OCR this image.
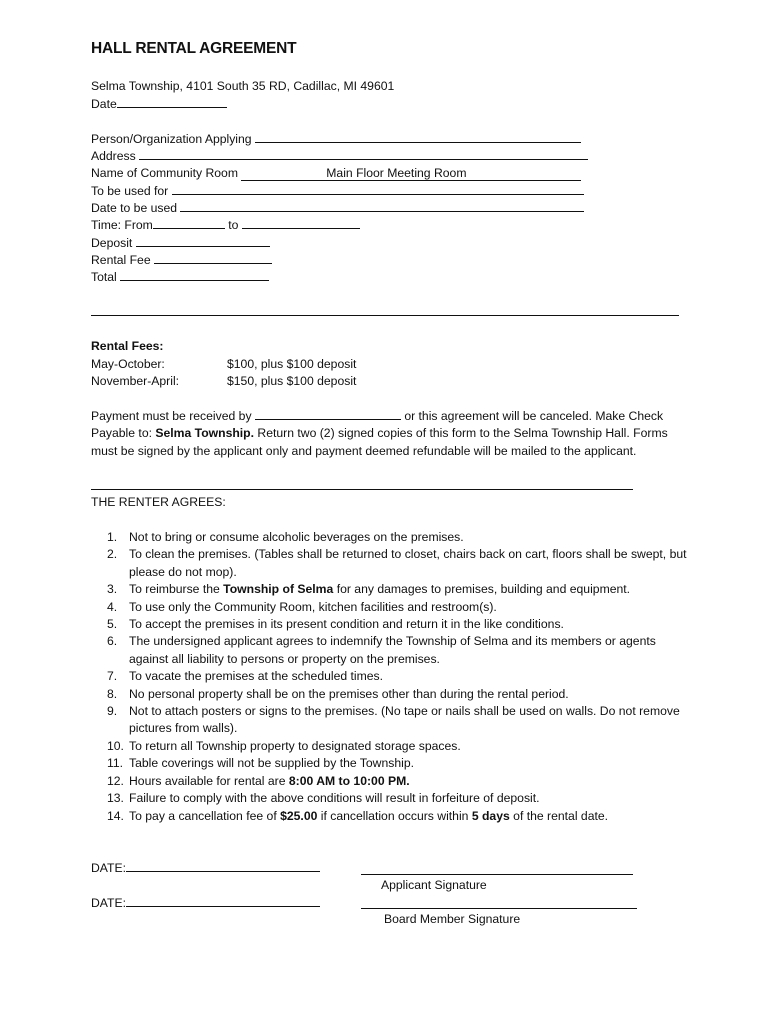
HALL RENTAL AGREEMENT
Selma Township, 4101 South 35 RD, Cadillac, MI 49601
Date
Person/Organization Applying
Address
Name of Community Room	Main Floor Meeting Room
To be used for
Date to be used
Time: From	to
Deposit
Rental Fee
Total
Rental Fees:
May-October:	$100, plus $100 deposit
November-April:	$150, plus $100 deposit
Payment must be received by	or this agreement will be canceled. Make Check Payable to: Selma Township. Return two (2) signed copies of this form to the Selma Township Hall. Forms must be signed by the applicant only and payment deemed refundable will be mailed to the applicant.
THE RENTER AGREES:
1. Not to bring or consume alcoholic beverages on the premises.
2. To clean the premises. (Tables shall be returned to closet, chairs back on cart, floors shall be swept, but please do not mop).
3. To reimburse the Township of Selma for any damages to premises, building and equipment.
4. To use only the Community Room, kitchen facilities and restroom(s).
5. To accept the premises in its present condition and return it in the like conditions.
6. The undersigned applicant agrees to indemnify the Township of Selma and its members or agents against all liability to persons or property on the premises.
7. To vacate the premises at the scheduled times.
8. No personal property shall be on the premises other than during the rental period.
9. Not to attach posters or signs to the premises. (No tape or nails shall be used on walls. Do not remove pictures from walls).
10. To return all Township property to designated storage spaces.
11. Table coverings will not be supplied by the Township.
12. Hours available for rental are 8:00 AM to 10:00 PM.
13. Failure to comply with the above conditions will result in forfeiture of deposit.
14. To pay a cancellation fee of $25.00 if cancellation occurs within 5 days of the rental date.
DATE:
Applicant Signature
DATE:
Board Member Signature
